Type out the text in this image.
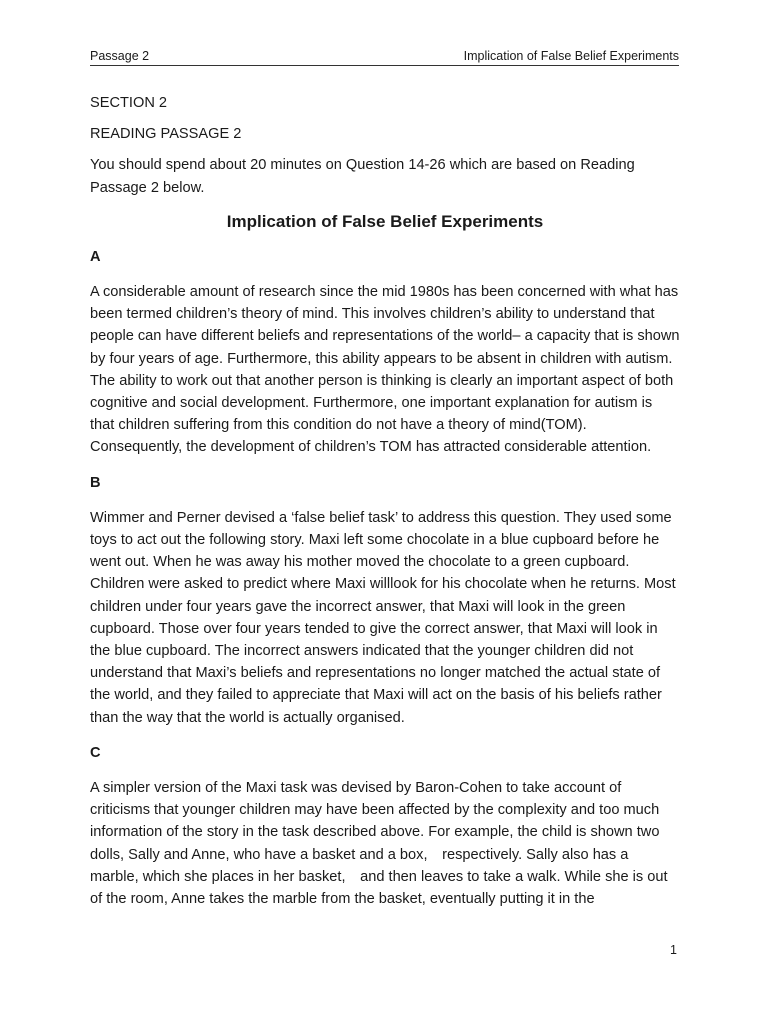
Passage 2	Implication of False Belief Experiments

SECTION 2

READING PASSAGE 2

You should spend about 20 minutes on Question 14-26 which are based on Reading Passage 2 below.

Implication of False Belief Experiments

A

A considerable amount of research since the mid 1980s has been concerned with what has been termed children’s theory of mind. This involves children’s ability to understand that people can have different beliefs and representations of the world– a capacity that is shown by four years of age. Furthermore, this ability appears to be absent in children with autism. The ability to work out that another person is thinking is clearly an important aspect of both cognitive and social development. Furthermore, one important explanation for autism is that children suffering from this condition do not have a theory of mind(TOM). Consequently, the development of children’s TOM has attracted considerable attention.

B

Wimmer and Perner devised a ‘false belief task’ to address this question. They used some toys to act out the following story. Maxi left some chocolate in a blue cupboard before he went out. When he was away his mother moved the chocolate to a green cupboard. Children were asked to predict where Maxi willlook for his chocolate when he returns. Most children under four years gave the incorrect answer, that Maxi will look in the green cupboard. Those over four years tended to give the correct answer, that Maxi will look in the blue cupboard. The incorrect answers indicated that the younger children did not understand that Maxi’s beliefs and representations no longer matched the actual state of the world, and they failed to appreciate that Maxi will act on the basis of his beliefs rather than the way that the world is actually organised.

C

A simpler version of the Maxi task was devised by Baron-Cohen to take account of criticisms that younger children may have been affected by the complexity and too much information of the story in the task described above. For example, the child is shown two dolls, Sally and Anne, who have a basket and a box,　respectively. Sally also has a marble, which she places in her basket,　and then leaves to take a walk. While she is out of the room, Anne takes the marble from the basket, eventually putting it in the

1
